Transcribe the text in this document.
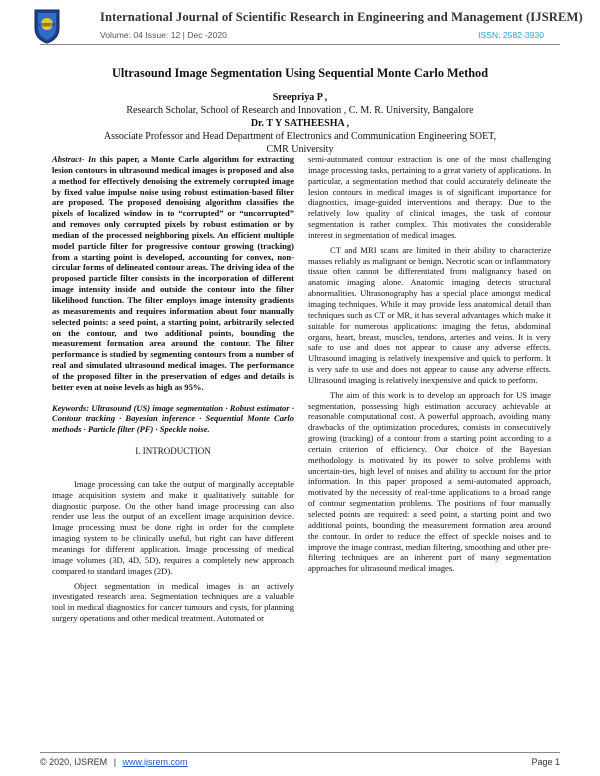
IJSREM
International Journal of Scientific Research in Engineering and Management (IJSREM)
Volume: 04 Issue: 12 | Dec -2020	ISSN: 2582-3930
Ultrasound Image Segmentation Using Sequential Monte Carlo Method
Sreepriya P ,
Research Scholar, School of Research and Innovation , C. M. R. University, Bangalore
Dr. T Y SATHEESHA ,
Associate Professor and Head Department of Electronics and Communication Engineering SOET,
CMR University

Abstract- In this paper, a Monte Carlo algorithm for extracting lesion contours in ultrasound medical images is proposed and also a method for effectively denoising the extremely corrupted image by fixed value impulse noise using robust estimation-based filter are proposed. The proposed denoising algorithm classifies the pixels of localized window in to “corrupted” or “uncorrupted” and removes only corrupted pixels by robust estimation or by median of the processed neighboring pixels. An efficient multiple model particle filter for progressive contour growing (tracking) from a starting point is developed, accounting for convex, non-circular forms of delineated contour areas. The driving idea of the proposed particle filter consists in the incorporation of different image intensity inside and outside the contour into the filter likelihood function. The filter employs image intensity gradients as measurements and requires information about four manually selected points: a seed point, a starting point, arbitrarily selected on the contour, and two additional points, bounding the measurement formation area around the contour. The filter performance is studied by segmenting contours from a number of real and simulated ultrasound medical images. The performance of the proposed filter in the preservation of edges and details is better even at noise levels as high as 95%.

Keywords: Ultrasound (US) image segmentation · Robust estimator · Contour tracking · Bayesian inference · Sequential Monte Carlo methods · Particle filter (PF) · Speckle noise.

I. INTRODUCTION

Image processing can take the output of marginally acceptable image acquisition system and make it qualitatively suitable for diagnostic purpose. On the other hand image processing can also render use less the output of an excellent image acquisition device. Image processing must be done right in order for the complete imaging system to be clinically useful, but right can have different meanings for different application. Image processing of medical image volumes (3D, 4D, 5D), requires a completely new approach compared to standard images (2D).

Object segmentation in medical images is an actively investigated research area. Segmentation techniques are a valuable tool in medical diagnostics for cancer tumours and cysts, for planning surgery operations and other medical treatment. Automated or

semi-automated contour extraction is one of the most challenging image processing tasks, pertaining to a great variety of applications. In particular, a segmentation method that could accurately delineate the lesion contours in medical images is of significant importance for diagnostics, image-guided interventions and therapy. Due to the relatively low quality of clinical images, the task of contour segmentation is rather complex. This motivates the considerable interest in segmentation of medical images.

CT and MRI scans are limited in their ability to characterize masses reliably as malignant or benign. Necrotic scan or inflammatory tissue often cannot be differentiated from malignancy based on anatomic imaging alone. Anatomic imaging detects structural abnormalities. Ultrasonography has a special place amongst medical imaging techniques. While it may provide less anatomical detail than techniques such as CT or MR, it has several advantages which make it suitable for numerous applications: imaging the fetus, abdominal organs, heart, breast, muscles, tendons, arteries and veins. It is very safe to use and does not appear to cause any adverse effects. Ultrasound imaging is relatively inexpensive and quick to perform. It is very safe to use and does not appear to cause any adverse effects. Ultrasound imaging is relatively inexpensive and quick to perform.

The aim of this work is to develop an approach for US image segmentation, possessing high estimation accuracy achievable at reasonable computational cost. A powerful approach, avoiding many drawbacks of the optimization procedures, consists in consecutively growing (tracking) of a contour from a starting point according to a certain criterion of efficiency. Our choice of the Bayesian methodology is motivated by its power to solve problems with uncertain-ties, high level of noises and ability to account for the prior information. In this paper proposed a semi-automated approach, motivated by the necessity of real-time applications to a broad range of contour segmentation problems. The positions of four manually selected points are required: a seed point, a starting point and two additional points, bounding the measurement formation area around the contour. In order to reduce the effect of speckle noises and to improve the image contrast, median filtering, smoothing and other pre- filtering techniques are an inherent part of many segmentation approaches for ultrasound medical images.

© 2020, IJSREM | www.ijsrem.com	Page 1
